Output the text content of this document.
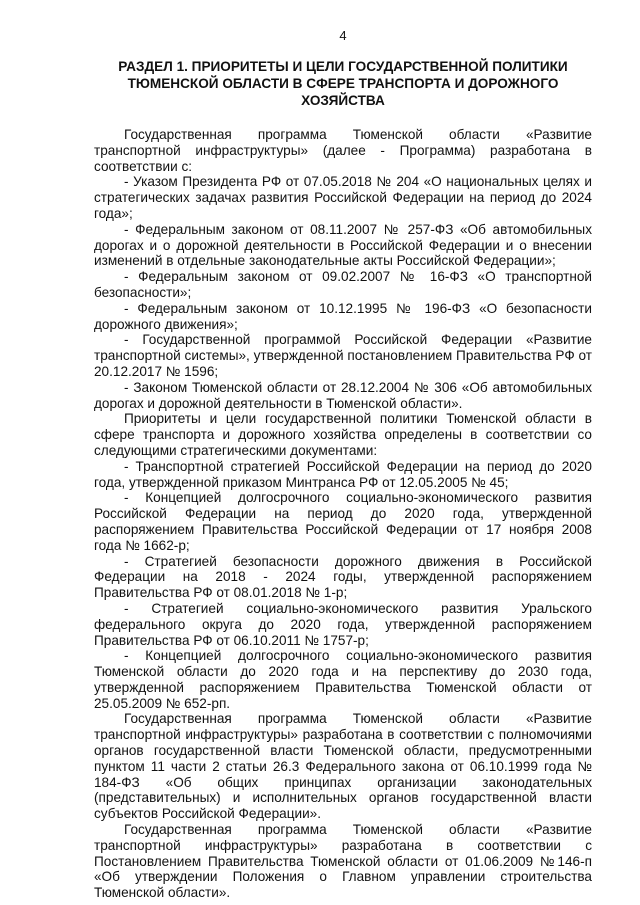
4
РАЗДЕЛ 1. ПРИОРИТЕТЫ И ЦЕЛИ ГОСУДАРСТВЕННОЙ ПОЛИТИКИ ТЮМЕНСКОЙ ОБЛАСТИ В СФЕРЕ ТРАНСПОРТА И ДОРОЖНОГО ХОЗЯЙСТВА

Государственная программа Тюменской области «Развитие транспортной инфраструктуры» (далее - Программа) разработана в соответствии с:

- Указом Президента РФ от 07.05.2018 № 204 «О национальных целях и стратегических задачах развития Российской Федерации на период до 2024 года»;

- Федеральным законом от 08.11.2007 № 257-ФЗ «Об автомобильных дорогах и о дорожной деятельности в Российской Федерации и о внесении изменений в отдельные законодательные акты Российской Федерации»;

- Федеральным законом от 09.02.2007 № 16-ФЗ «О транспортной безопасности»;

- Федеральным законом от 10.12.1995 № 196-ФЗ «О безопасности дорожного движения»;

- Государственной программой Российской Федерации «Развитие транспортной системы», утвержденной постановлением Правительства РФ от 20.12.2017 № 1596;

- Законом Тюменской области от 28.12.2004 № 306 «Об автомобильных дорогах и дорожной деятельности в Тюменской области».

Приоритеты и цели государственной политики Тюменской области в сфере транспорта и дорожного хозяйства определены в соответствии со следующими стратегическими документами:

- Транспортной стратегией Российской Федерации на период до 2020 года, утвержденной приказом Минтранса РФ от 12.05.2005 № 45;

- Концепцией долгосрочного социально-экономического развития Российской Федерации на период до 2020 года, утвержденной распоряжением Правительства Российской Федерации от 17 ноября 2008 года № 1662-р;

- Стратегией безопасности дорожного движения в Российской Федерации на 2018 - 2024 годы, утвержденной распоряжением Правительства РФ от 08.01.2018 № 1-р;

- Стратегией социально-экономического развития Уральского федерального округа до 2020 года, утвержденной распоряжением Правительства РФ от 06.10.2011 № 1757-р;

- Концепцией долгосрочного социально-экономического развития Тюменской области до 2020 года и на перспективу до 2030 года, утвержденной распоряжением Правительства Тюменской области от 25.05.2009 № 652-рп.

Государственная программа Тюменской области «Развитие транспортной инфраструктуры» разработана в соответствии с полномочиями органов государственной власти Тюменской области, предусмотренными пунктом 11 части 2 статьи 26.3 Федерального закона от 06.10.1999 года № 184-ФЗ «Об общих принципах организации законодательных (представительных) и исполнительных органов государственной власти субъектов Российской Федерации».

Государственная программа Тюменской области «Развитие транспортной инфраструктуры» разработана в соответствии с Постановлением Правительства Тюменской области от 01.06.2009 №146-п «Об утверждении Положения о Главном управлении строительства Тюменской области».
